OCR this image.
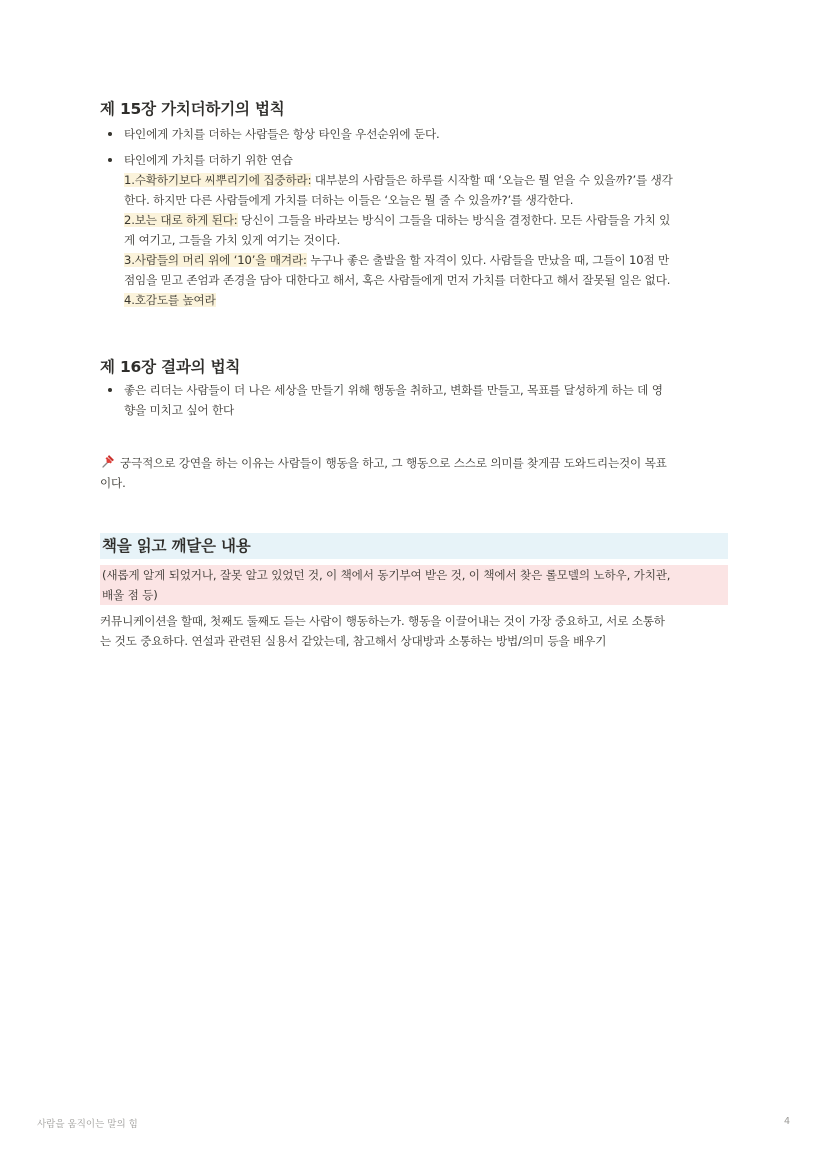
제 15장 가치더하기의 법칙
타인에게 가치를 더하는 사람들은 항상 타인을 우선순위에 둔다.
타인에게 가치를 더하기 위한 연습
1.수확하기보다 씨뿌리기에 집중하라: 대부분의 사람들은 하루를 시작할 때 ‘오늘은 뭘 얻을 수 있을까?’를 생각
한다. 하지만 다른 사람들에게 가치를 더하는 이들은 ‘오늘은 뭘 줄 수 있을까?’를 생각한다.
2.보는 대로 하게 된다: 당신이 그들을 바라보는 방식이 그들을 대하는 방식을 결정한다. 모든 사람들을 가치 있
게 여기고, 그들을 가치 있게 여기는 것이다.
3.사람들의 머리 위에 ‘10’을 매겨라: 누구나 좋은 출발을 할 자격이 있다. 사람들을 만났을 때, 그들이 10점 만
점임을 믿고 존엄과 존경을 담아 대한다고 해서, 혹은 사람들에게 먼저 가치를 더한다고 해서 잘못될 일은 없다.
4.호감도를 높여라
제 16장 결과의 법칙
좋은 리더는 사람들이 더 나은 세상을 만들기 위해 행동을 취하고, 변화를 만들고, 목표를 달성하게 하는 데 영
향을 미치고 싶어 한다
궁극적으로 강연을 하는 이유는 사람들이 행동을 하고, 그 행동으로 스스로 의미를 찾게끔 도와드리는것이 목표
이다.
책을 읽고 깨달은 내용
(새롭게 알게 되었거나, 잘못 알고 있었던 것, 이 책에서 동기부여 받은 것, 이 책에서 찾은 롤모델의 노하우, 가치관,
배울 점 등)
커뮤니케이션을 할때, 첫째도 둘째도 듣는 사람이 행동하는가. 행동을 이끌어내는 것이 가장 중요하고, 서로 소통하
는 것도 중요하다. 연설과 관련된 실용서 같았는데, 참고해서 상대방과 소통하는 방법/의미 등을 배우기
사람을 움직이는 말의 힘	4
